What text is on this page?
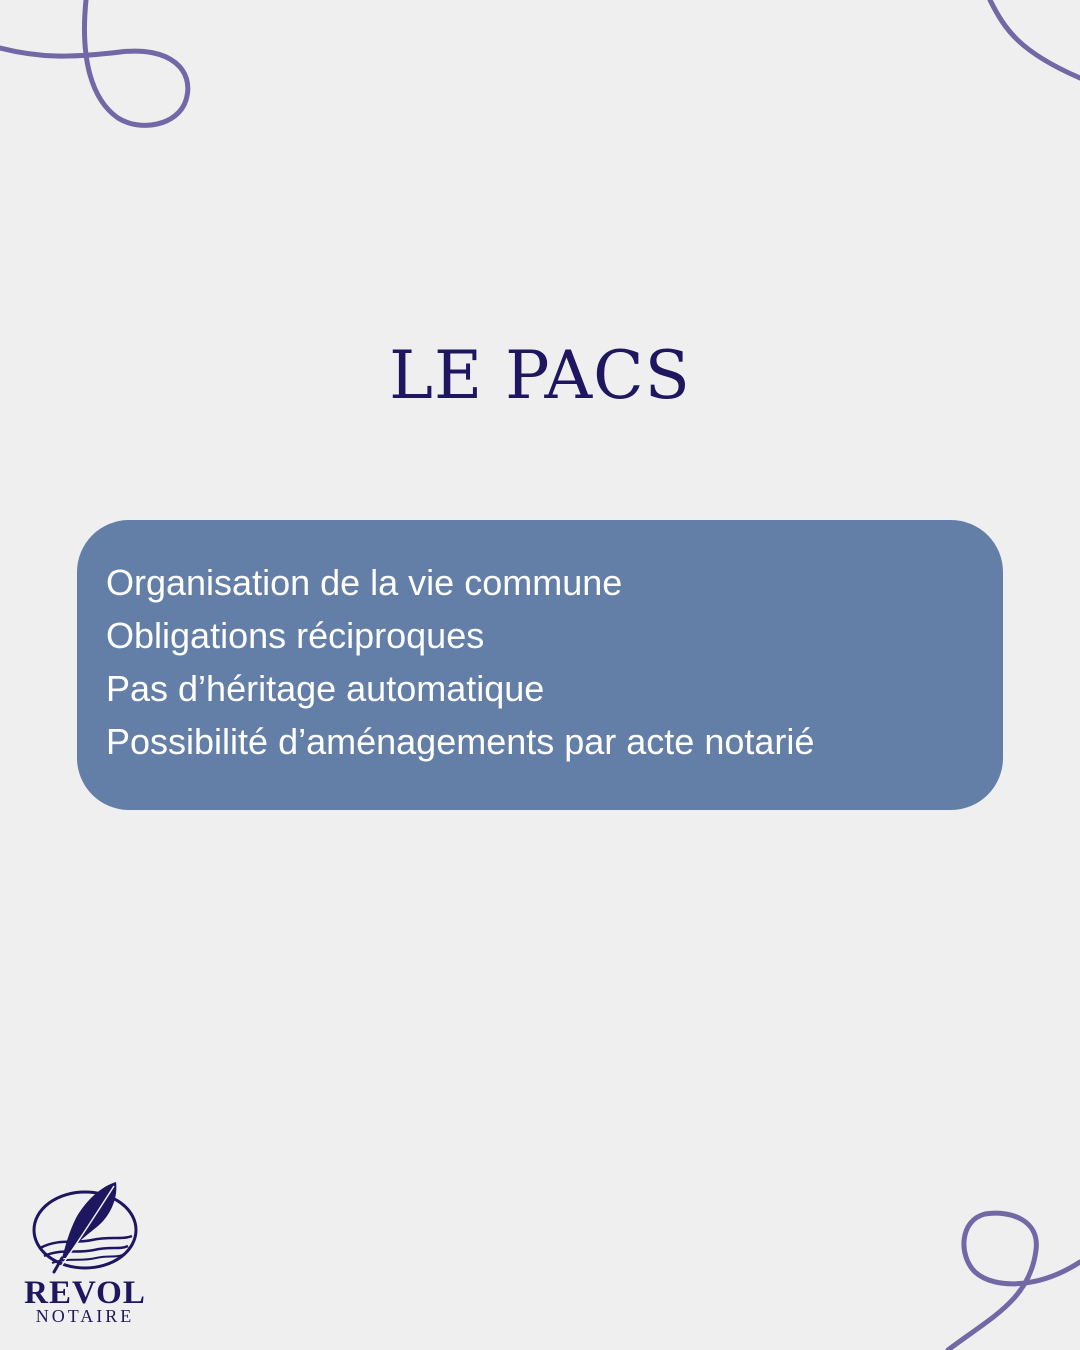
LE PACS
Organisation de la vie commune
Obligations réciproques
Pas d’héritage automatique
Possibilité d’aménagements par acte notarié
REVOL
NOTAIRE
